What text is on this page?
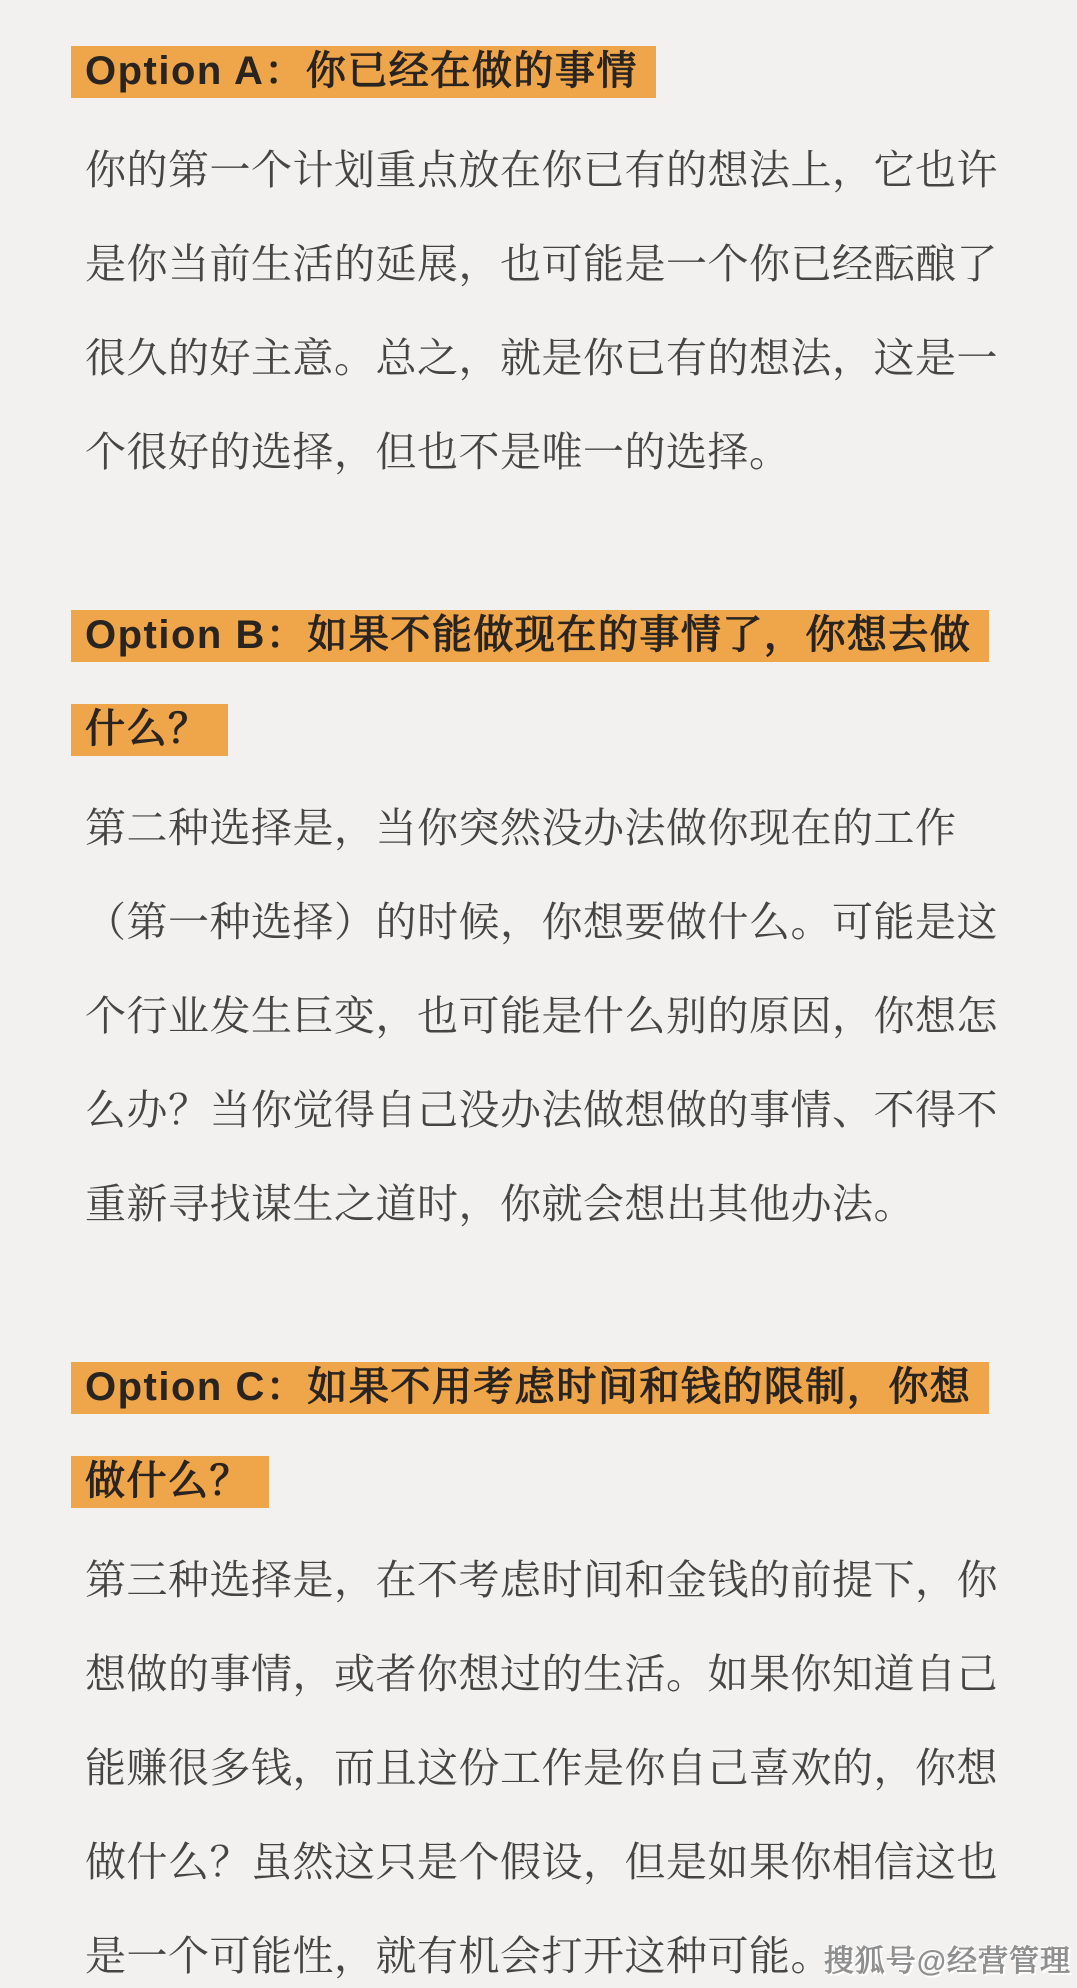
Option A：你已经在做的事情
你的第一个计划重点放在你已有的想法上，它也许
是你当前生活的延展，也可能是一个你已经酝酿了
很久的好主意。总之，就是你已有的想法，这是一
个很好的选择，但也不是唯一的选择。
Option B：如果不能做现在的事情了，你想去做
什么？
第二种选择是，当你突然没办法做你现在的工作
（第一种选择）的时候，你想要做什么。可能是这
个行业发生巨变，也可能是什么别的原因，你想怎
么办？当你觉得自己没办法做想做的事情、不得不
重新寻找谋生之道时，你就会想出其他办法。
Option C：如果不用考虑时间和钱的限制，你想
做什么？
第三种选择是，在不考虑时间和金钱的前提下，你
想做的事情，或者你想过的生活。如果你知道自己
能赚很多钱，而且这份工作是你自己喜欢的，你想
做什么？虽然这只是个假设，但是如果你相信这也
是一个可能性，就有机会打开这种可能。
搜狐号@经营管理
